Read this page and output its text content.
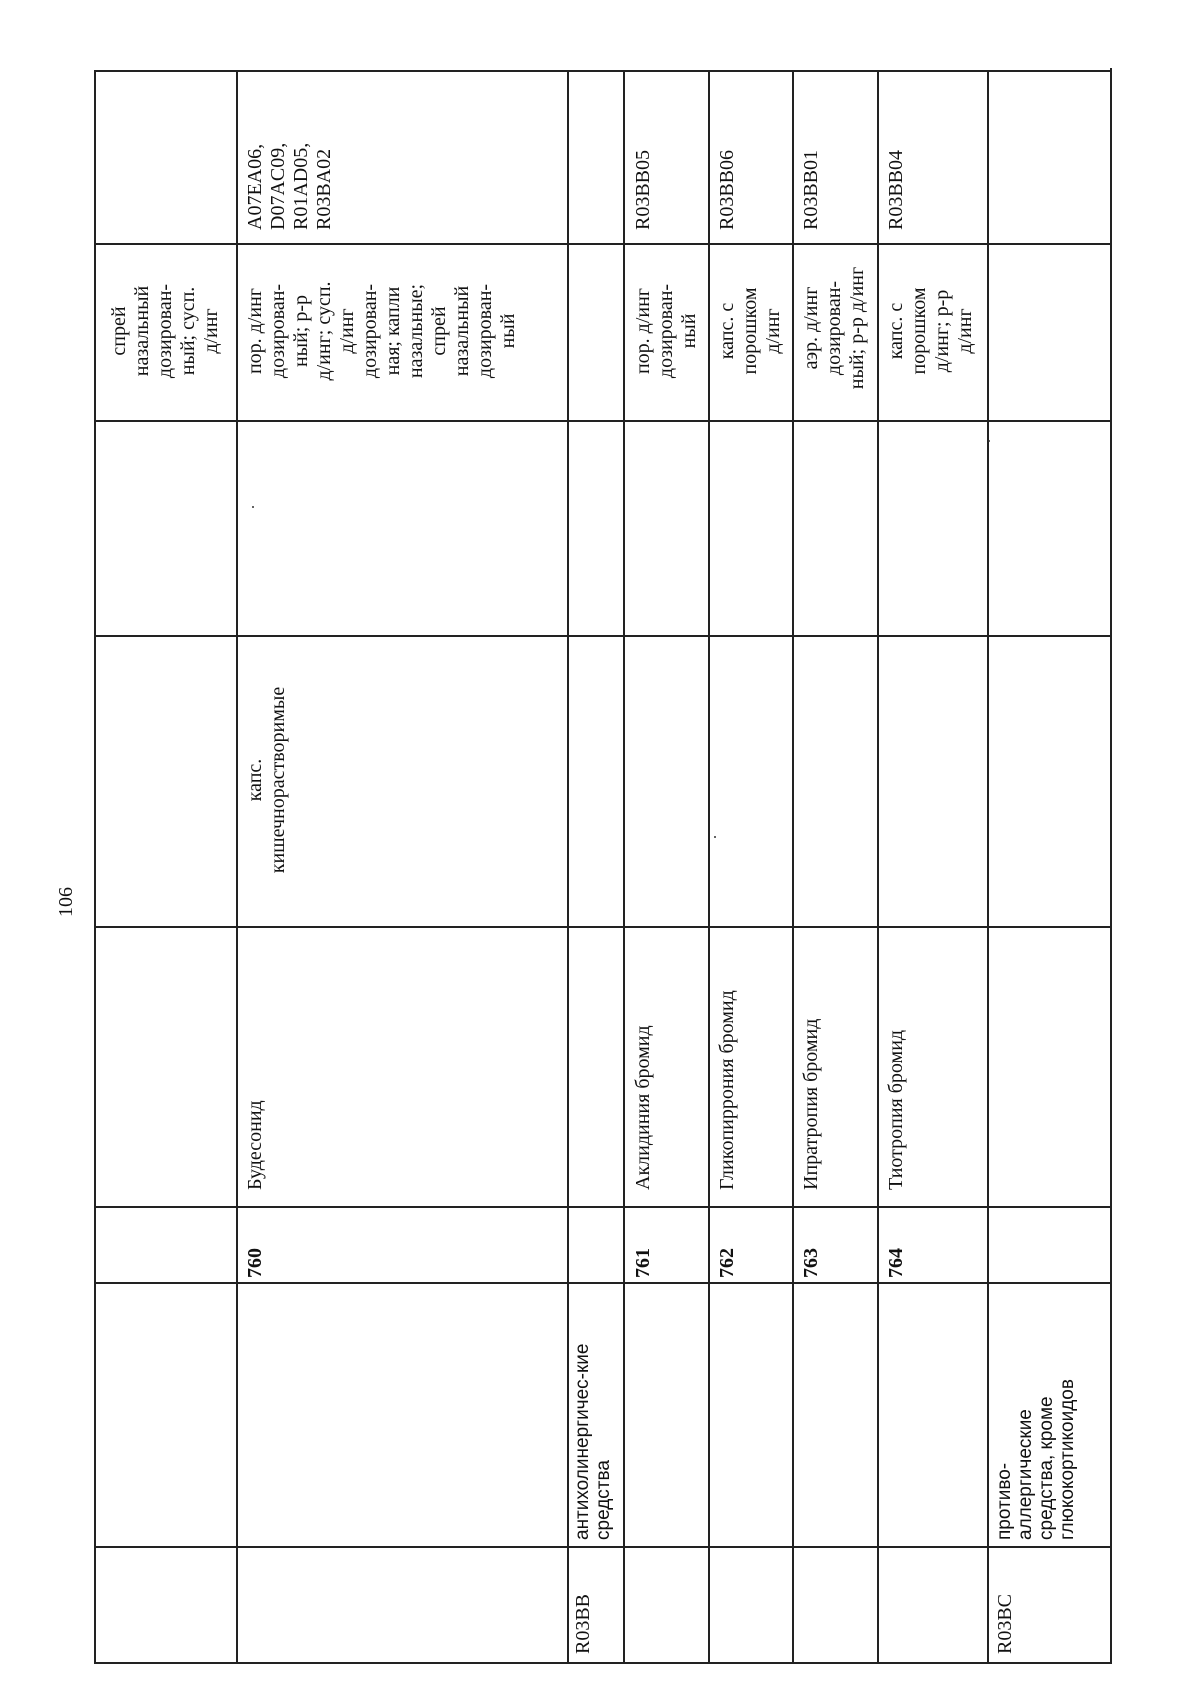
106
спрей назальный дозирован- ный; сусп. д/инг
760
Будесонид
капс. кишечнорастворимые
пор. д/инг дозирован- ный; р-р д/инг; сусп. д/инг дозирован- ная; капли назальные; спрей назальный дозирован- ный
A07EA06, D07AC09, R01AD05, R03BA02
R03BB
антихолинергичес-кие средства
761
Аклидиния бромид
пор. д/инг дозирован- ный
R03BB05
762
Гликопиррония бромид
капс. с порошком д/инг
R03BB06
763
Ипратропия бромид
аэр. д/инг дозирован- ный; р-р д/инг
R03BB01
764
Тиотропия бромид
капс. с порошком д/инг; р-р д/инг
R03BB04
R03BC
противо- аллергические средства, кроме глюкокортикоидов
